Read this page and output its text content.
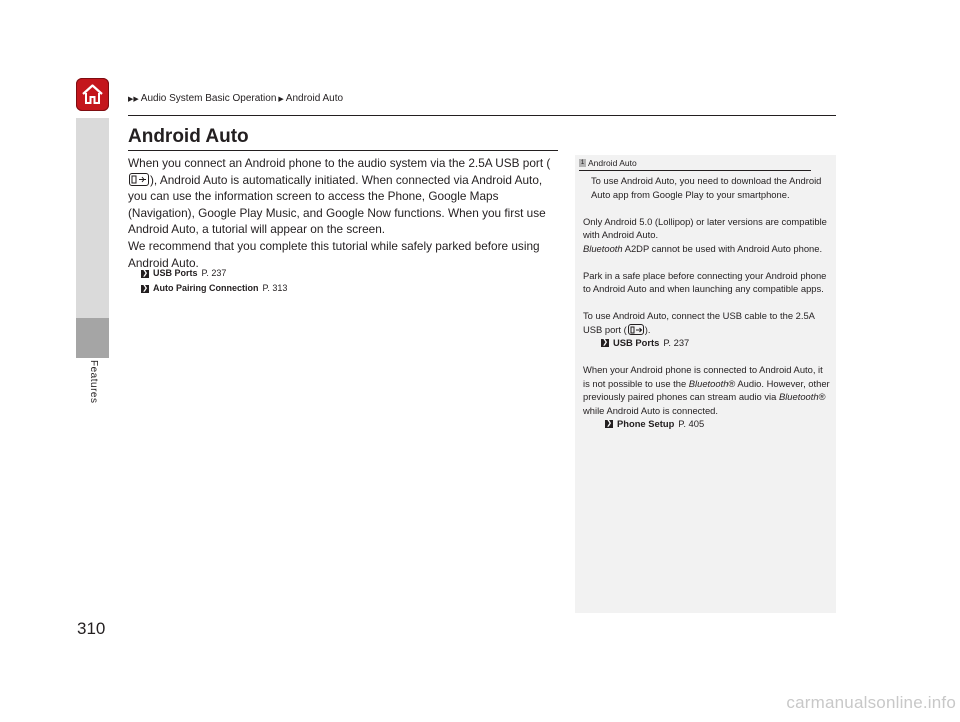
▶▶ Audio System Basic Operation ▶ Android Auto
Features
Android Auto

When you connect an Android phone to the audio system via the 2.5A USB port (
), Android Auto is automatically initiated. When connected via Android Auto, you can use the information screen to access the Phone, Google Maps (Navigation), Google Play Music, and Google Now functions. When you first use Android Auto, a tutorial will appear on the screen.

We recommend that you complete this tutorial while safely parked before using Android Auto.

❯ USB Ports P. 237
❯ Auto Pairing Connection P. 313
1 Android Auto

To use Android Auto, you need to download the Android Auto app from Google Play to your smartphone.

Only Android 5.0 (Lollipop) or later versions are compatible with Android Auto.
Bluetooth A2DP cannot be used with Android Auto phone.

Park in a safe place before connecting your Android phone to Android Auto and when launching any compatible apps.

To use Android Auto, connect the USB cable to the 2.5A USB port ( ).

❯ USB Ports P. 237

When your Android phone is connected to Android Auto, it is not possible to use the Bluetooth® Audio. However, other previously paired phones can stream audio via Bluetooth® while Android Auto is connected.

❯ Phone Setup P. 405
310
carmanualsonline.info
